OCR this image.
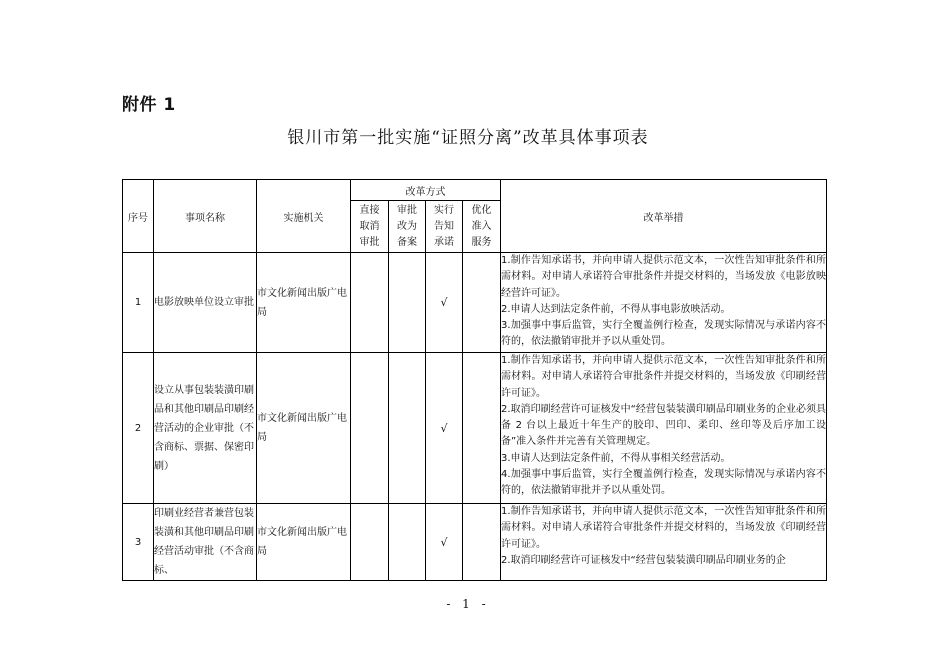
附件 1
银川市第一批实施“证照分离”改革具体事项表
序号	事项名称	实施机关	改革方式				改革举措
			直接取消审批	审批改为备案	实行告知承诺	优化准入服务	
1	电影放映单位设立审批	市文化新闻出版广电局			√		1.制作告知承诺书，并向申请人提供示范文本，一次性告知审批条件和所需材料。对申请人承诺符合审批条件并提交材料的，当场发放《电影放映经营许可证》。
2.申请人达到法定条件前，不得从事电影放映活动。
3.加强事中事后监管，实行全覆盖例行检查，发现实际情况与承诺内容不符的，依法撤销审批并予以从重处罚。

2	设立从事包装装潢印刷品和其他印刷品印刷经营活动的企业审批（不含商标、票据、保密印刷）	市文化新闻出版广电局			√		1.制作告知承诺书，并向申请人提供示范文本，一次性告知审批条件和所需材料。对申请人承诺符合审批条件并提交材料的，当场发放《印刷经营许可证》。
2.取消印刷经营许可证核发中“经营包装装潢印刷品印刷业务的企业必须具备 2 台以上最近十年生产的胶印、凹印、柔印、丝印等及后序加工设备”准入条件并完善有关管理规定。
3.申请人达到法定条件前，不得从事相关经营活动。
4.加强事中事后监管，实行全覆盖例行检查，发现实际情况与承诺内容不符的，依法撤销审批并予以从重处罚。

3	印刷业经营者兼营包装装潢和其他印刷品印刷经营活动审批（不含商标、	市文化新闻出版广电局			√		1.制作告知承诺书，并向申请人提供示范文本，一次性告知审批条件和所需材料。对申请人承诺符合审批条件并提交材料的，当场发放《印刷经营许可证》。
2.取消印刷经营许可证核发中“经营包装装潢印刷品印刷业务的企
- 1 -
